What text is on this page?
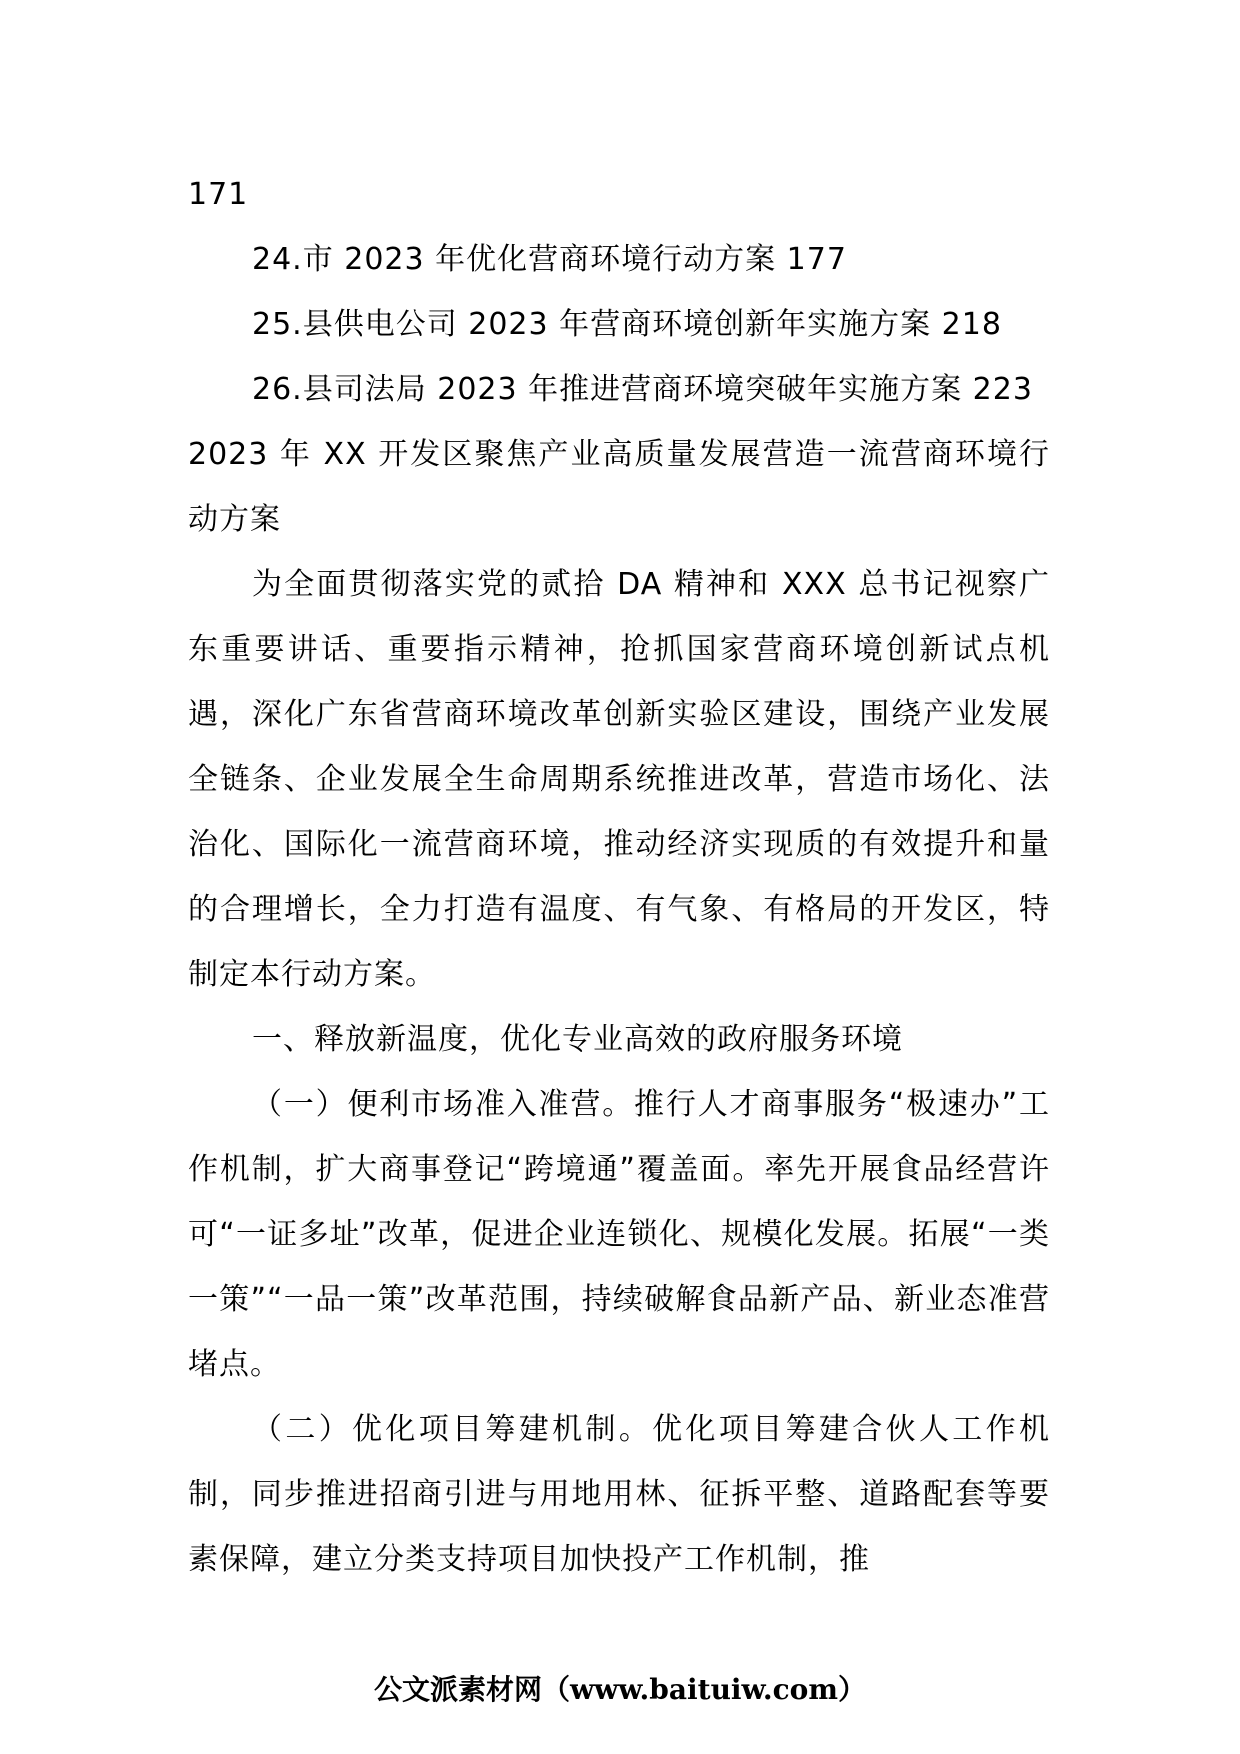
171

24.市 2023 年优化营商环境行动方案 177

25.县供电公司 2023 年营商环境创新年实施方案 218

26.县司法局 2023 年推进营商环境突破年实施方案 223

2023 年 XX 开发区聚焦产业高质量发展营造一流营商环境行动方案

为全面贯彻落实党的贰拾 DA 精神和 XXX 总书记视察广东重要讲话、重要指示精神，抢抓国家营商环境创新试点机遇，深化广东省营商环境改革创新实验区建设，围绕产业发展全链条、企业发展全生命周期系统推进改革，营造市场化、法治化、国际化一流营商环境，推动经济实现质的有效提升和量的合理增长，全力打造有温度、有气象、有格局的开发区，特制定本行动方案。

一、释放新温度，优化专业高效的政府服务环境

（一）便利市场准入准营。推行人才商事服务“极速办”工作机制，扩大商事登记“跨境通”覆盖面。率先开展食品经营许可“一证多址”改革，促进企业连锁化、规模化发展。拓展“一类一策”“一品一策”改革范围，持续破解食品新产品、新业态准营堵点。

（二）优化项目筹建机制。优化项目筹建合伙人工作机制，同步推进招商引进与用地用林、征拆平整、道路配套等要素保障，建立分类支持项目加快投产工作机制，推

公文派素材网（www.baituiw.com）
